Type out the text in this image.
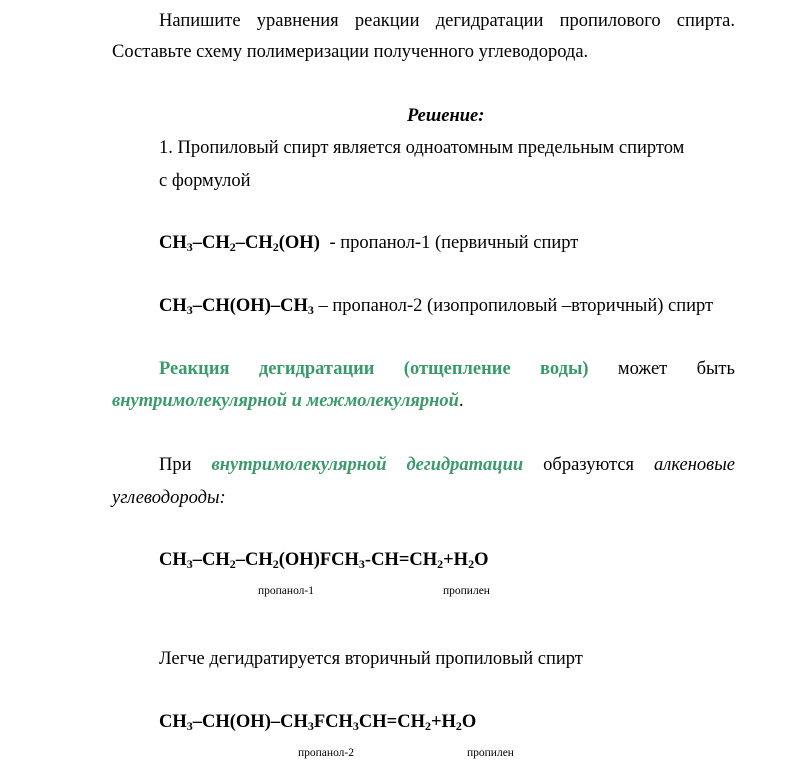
Напишите уравнения реакции дегидратации пропилового спирта.
Составьте схему полимеризации полученного углеводорода.
Решение:
1. Пропиловый спирт является одноатомным предельным спиртом
с формулой
$CH_3-CH_2-CH_2(OH)$ - пропанол-1 (первичный спирт
$CH_3-CH(OH)-CH_3$ – пропанол-2 (изопропиловый –вторичный) спирт
Реакция дегидратации (отщепление воды) может быть
внутримолекулярной и межмолекулярной.
При внутримолекулярной дегидратации образуются алкеновые
углеводороды:
$CH_3-CH_2-CH_2(OH)FCH_3-CH=CH_2+H_2O$
пропанол-1	пропилен
Легче дегидратируется вторичный пропиловый спирт
$CH_3-CH(OH)-CH_3FCH_3CH=CH_2+H_2O$
пропанол-2	пропилен
